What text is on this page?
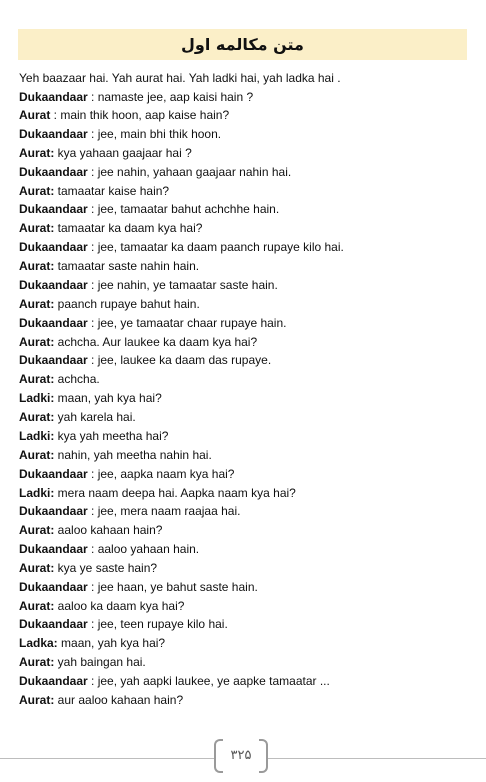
متن مکالمه اول
Yeh baazaar hai. Yah aurat hai. Yah ladki hai, yah ladka hai .
Dukaandaar : namaste jee, aap kaisi hain ?
Aurat : main thik hoon, aap kaise hain?
Dukaandaar : jee, main bhi thik hoon.
Aurat: kya yahaan gaajaar hai ?
Dukaandaar : jee nahin, yahaan gaajaar nahin hai.
Aurat: tamaatar kaise hain?
Dukaandaar : jee, tamaatar bahut achchhe hain.
Aurat: tamaatar ka daam kya hai?
Dukaandaar : jee, tamaatar ka daam paanch rupaye kilo hai.
Aurat: tamaatar saste nahin hain.
Dukaandaar : jee nahin, ye tamaatar saste hain.
Aurat: paanch rupaye bahut hain.
Dukaandaar : jee, ye tamaatar chaar rupaye hain.
Aurat: achcha. Aur laukee ka daam kya hai?
Dukaandaar : jee, laukee ka daam das rupaye.
Aurat: achcha.
Ladki: maan, yah kya hai?
Aurat: yah karela hai.
Ladki: kya yah meetha hai?
Aurat: nahin, yah meetha nahin hai.
Dukaandaar : jee, aapka naam kya hai?
Ladki: mera naam deepa hai. Aapka naam kya hai?
Dukaandaar : jee, mera naam raajaa hai.
Aurat: aaloo kahaan hain?
Dukaandaar : aaloo yahaan hain.
Aurat: kya ye saste hain?
Dukaandaar : jee haan, ye bahut saste hain.
Aurat: aaloo ka daam kya hai?
Dukaandaar : jee, teen rupaye kilo hai.
Ladka: maan, yah kya hai?
Aurat: yah baingan hai.
Dukaandaar : jee, yah aapki laukee, ye aapke tamaatar ...
Aurat: aur aaloo kahaan hain?
۳۲۵
